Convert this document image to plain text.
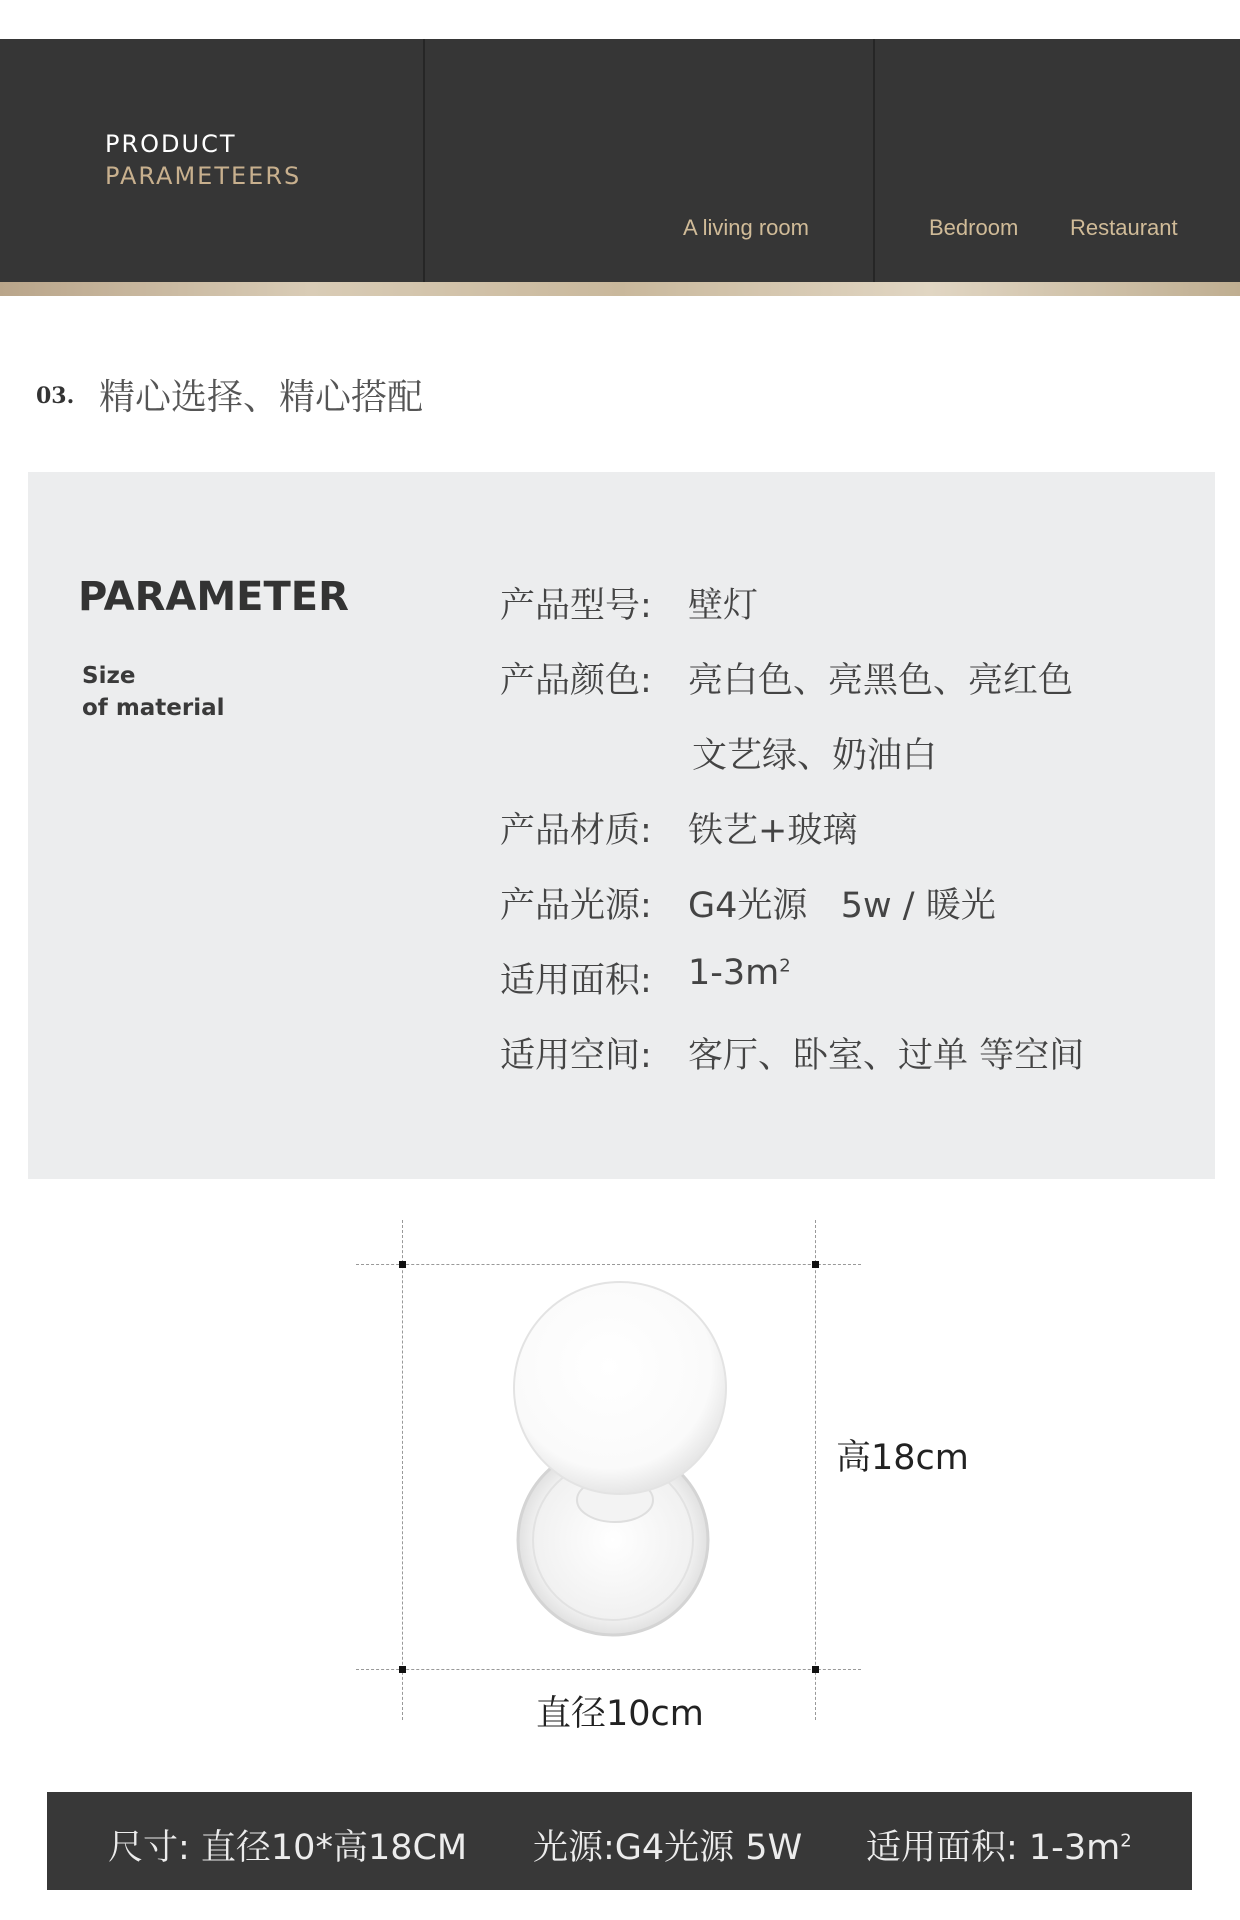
PRODUCT
PARAMETEERS
A living room	Bedroom Restaurant
03. 精心选择、精心搭配
PARAMETER
Size
of material
产品型号: 壁灯
产品颜色: 亮白色、亮黑色、亮红色
文艺绿、奶油白
产品材质: 铁艺+玻璃
产品光源: G4光源   5w / 暖光
适用面积: $1-3m^2$
适用空间: 客厅、卧室、过单 等空间
高18cm
直径10cm
尺寸: 直径10*高18CM 光源:G4光源 5W 适用面积: $1-3m^2$
